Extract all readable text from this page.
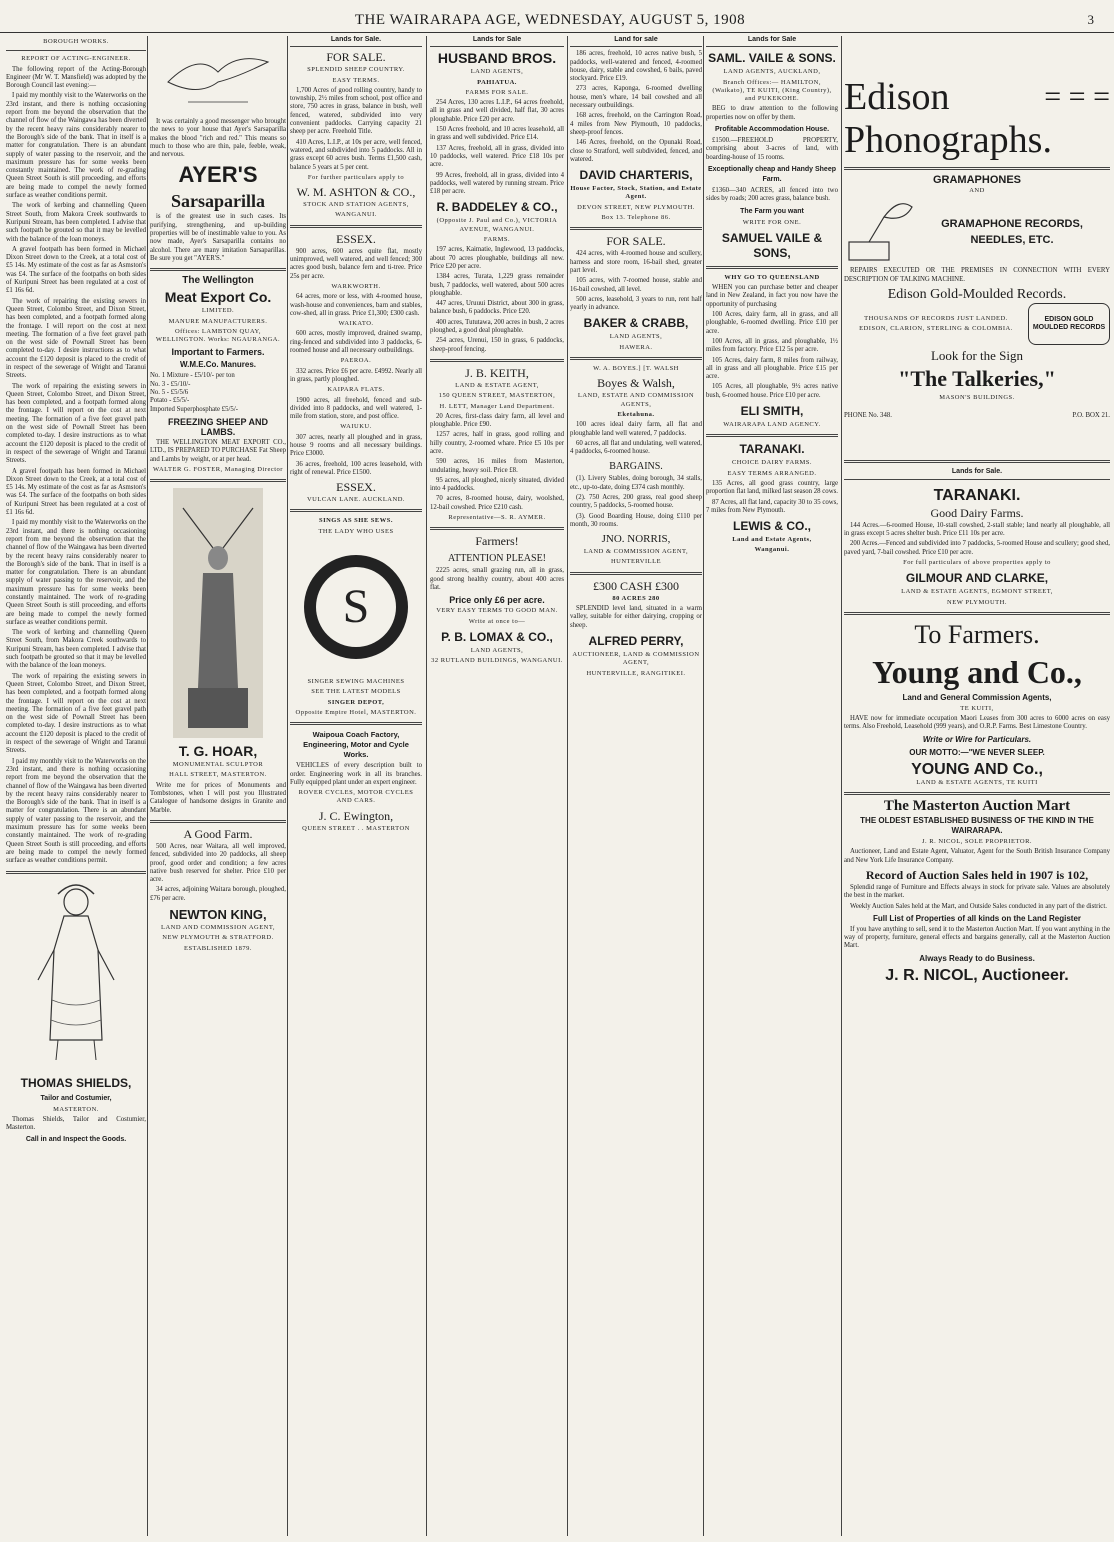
THE WAIRARAPA AGE, WEDNESDAY, AUGUST 5, 1908	3
BOROUGH WORKS.
REPORT OF ACTING-ENGINEER.

The following report of the Acting-Borough Engineer (Mr W. T. Mansfield) was adopted by the Borough Council last evening:—

I paid my monthly visit to the Waterworks on the 23rd instant, and there is nothing occasioning report from me beyond the observation that the channel of flow of the Waingawa has been diverted by the recent heavy rains considerably nearer to the Borough's side of the bank. That in itself is a matter for congratulation. There is an abundant supply of water passing to the reservoir, and the maximum pressure has for some weeks been constantly maintained. The work of re-grading Queen Street South is still proceeding, and efforts are being made to compel the newly formed surface as weather conditions permit.

The work of kerbing and channelling Queen Street South, from Makora Creek southwards to Kuripuni Stream, has been completed. I advise that such footpath be grouted so that it may be levelled with the balance of the loan moneys.

A gravel footpath has been formed in Michael Dixon Street down to the Creek, at a total cost of £5 14s. My estimate of the cost as far as Asmston's was £4. The surface of the footpaths on both sides of Kuripuni Street has been regulated at a cost of £1 16s 6d.

The work of repairing the existing sewers in Queen Street, Colombo Street, and Dixon Street, has been completed, and a footpath formed along the frontage. I will report on the cost at next meeting. The formation of a five feet gravel path on the west side of Pownall Street has been completed to-day. I desire instructions as to what account the £120 deposit is placed to the credit of in respect of the sewerage of Wright and Taranui Streets.

The work of repairing the existing sewers in Queen Street, Colombo Street, and Dixon Street, has been completed, and a footpath formed along the frontage. I will report on the cost at next meeting. The formation of a five feet gravel path on the west side of Pownall Street has been completed to-day. I desire instructions as to what account the £120 deposit is placed to the credit of in respect of the sewerage of Wright and Taranui Streets.

A gravel footpath has been formed in Michael Dixon Street down to the Creek, at a total cost of £5 14s. My estimate of the cost as far as Asmston's was £4. The surface of the footpaths on both sides of Kuripuni Street has been regulated at a cost of £1 16s 6d.

I paid my monthly visit to the Waterworks on the 23rd instant, and there is nothing occasioning report from me beyond the observation that the channel of flow of the Waingawa has been diverted by the recent heavy rains considerably nearer to the Borough's side of the bank. That in itself is a matter for congratulation. There is an abundant supply of water passing to the reservoir, and the maximum pressure has for some weeks been constantly maintained. The work of re-grading Queen Street South is still proceeding, and efforts are being made to compel the newly formed surface as weather conditions permit.

The work of kerbing and channelling Queen Street South, from Makora Creek southwards to Kuripuni Stream, has been completed. I advise that such footpath be grouted so that it may be levelled with the balance of the loan moneys.

The work of repairing the existing sewers in Queen Street, Colombo Street, and Dixon Street, has been completed, and a footpath formed along the frontage. I will report on the cost at next meeting. The formation of a five feet gravel path on the west side of Pownall Street has been completed to-day. I desire instructions as to what account the £120 deposit is placed to the credit of in respect of the sewerage of Wright and Taranui Streets.

I paid my monthly visit to the Waterworks on the 23rd instant, and there is nothing occasioning report from me beyond the observation that the channel of flow of the Waingawa has been diverted by the recent heavy rains considerably nearer to the Borough's side of the bank. That in itself is a matter for congratulation. There is an abundant supply of water passing to the reservoir, and the maximum pressure has for some weeks been constantly maintained. The work of re-grading Queen Street South is still proceeding, and efforts are being made to compel the newly formed surface as weather conditions permit.

THOMAS SHIELDS,
Tailor and Costumier,
MASTERTON.

Thomas Shields, Tailor and Costumier, Masterton.

Call in and Inspect the Goods.

It was certainly a good messenger who brought the news to your house that Ayer's Sarsaparilla makes the blood "rich and red." This means so much to those who are thin, pale, feeble, weak, and nervous.

AYER'S
Sarsaparilla

is of the greatest use in such cases. Its purifying, strengthening, and up-building properties will be of inestimable value to you. As now made, Ayer's Sarsaparilla contains no alcohol. There are many imitation Sarsaparillas. Be sure you get "AYER'S."

The Wellington
Meat Export Co.
LIMITED.
MANURE MANUFACTURERS.
Offices: LAMBTON QUAY, WELLINGTON. Works: NGAURANGA.
Important to Farmers.
W.M.E.Co. Manures.
No. 1 Mixture - £5/10/- per ton
No. 3 - £5/10/-
No. 5 - £5/5/6
Potato - £5/5/-
Imported Superphosphate £5/5/-
FREEZING SHEEP AND LAMBS.

THE WELLINGTON MEAT EXPORT CO., LTD., IS PREPARED TO PURCHASE Fat Sheep and Lambs by weight, or at per head.

WALTER G. FOSTER, Managing Director
T. G. HOAR,
MONUMENTAL SCULPTOR
HALL STREET, MASTERTON.

Write me for prices of Monuments and Tombstones, when I will post you Illustrated Catalogue of handsome designs in Granite and Marble.

A Good Farm.

500 Acres, near Waitara, all well improved, fenced, subdivided into 20 paddocks, all sheep proof, good order and condition; a few acres native bush reserved for shelter. Price £10 per acre.

34 acres, adjoining Waitara borough, ploughed, £76 per acre.

NEWTON KING,
LAND AND COMMISSION AGENT,
NEW PLYMOUTH & STRATFORD.
ESTABLISHED 1879.
Lands for Sale.
FOR SALE.
SPLENDID SHEEP COUNTRY.
EASY TERMS.

1,700 Acres of good rolling country, handy to township, 2½ miles from school, post office and store, 750 acres in grass, balance in bush, well fenced, watered, subdivided into very convenient paddocks. Carrying capacity 21 sheep per acre. Freehold Title.

410 Acres, L.I.P., at 10s per acre, well fenced, watered, and subdivided into 5 paddocks. All in grass except 60 acres bush. Terms £1,500 cash, balance 5 years at 5 per cent.

For further particulars apply to
W. M. ASHTON & CO.,
STOCK AND STATION AGENTS,
WANGANUI.
ESSEX.

900 acres, 600 acres quite flat, mostly unimproved, well watered, and well fenced; 300 acres good bush, balance fern and ti-tree. Price 25s per acre.

WARKWORTH.

64 acres, more or less, with 4-roomed house, wash-house and conveniences, barn and stables, cow-shed, all in grass. Price £1,300; £300 cash.

WAIKATO.

600 acres, mostly improved, drained swamp, ring-fenced and subdivided into 3 paddocks, 6-roomed house and all necessary outbuildings.

PAEROA.

332 acres. Price £6 per acre. £4992. Nearly all in grass, partly ploughed.

KAIPARA FLATS.

1900 acres, all freehold, fenced and sub-divided into 8 paddocks, and well watered, 1-mile from station, store, and post office.

WAIUKU.

307 acres, nearly all ploughed and in grass, house 9 rooms and all necessary buildings. Price £3000.

36 acres, freehold, 100 acres leasehold, with right of renewal. Price £1500.

ESSEX.
VULCAN LANE. AUCKLAND.
SINGS AS SHE SEWS.
THE LADY WHO USES
S
SINGER SEWING MACHINES
SEE THE LATEST MODELS
SINGER DEPOT,
Opposite Empire Hotel, MASTERTON.
Waipoua Coach Factory, Engineering, Motor and Cycle Works.

VEHICLES of every description built to order. Engineering work in all its branches. Fully equipped plant under an expert engineer.

ROVER CYCLES, MOTOR CYCLES AND CARS.
J. C. Ewington,
QUEEN STREET . . MASTERTON
Lands for Sale
HUSBAND BROS.
LAND AGENTS,
PAHIATUA.
FARMS FOR SALE.

254 Acres, 130 acres L.I.P., 64 acres freehold, all in grass and well divided, half flat, 30 acres ploughable. Price £20 per acre.

150 Acres freehold, and 10 acres leasehold, all in grass and well subdivided. Price £14.

137 Acres, freehold, all in grass, divided into 10 paddocks, well watered. Price £18 10s per acre.

99 Acres, freehold, all in grass, divided into 4 paddocks, well watered by running stream. Price £18 per acre.

R. BADDELEY & CO.,
(Opposite J. Paul and Co.), VICTORIA AVENUE, WANGANUI.
FARMS.

197 acres, Kaimatie, Inglewood, 13 paddocks, about 70 acres ploughable, buildings all new. Price £20 per acre.

1384 acres, Turata, 1,229 grass remainder bush, 7 paddocks, well watered, about 500 acres ploughable.

447 acres, Uruuui District, about 300 in grass, balance bush, 6 paddocks. Price £20.

400 acres, Tututawa, 200 acres in bush, 2 acres ploughed, a good deal ploughable.

254 acres, Urenui, 150 in grass, 6 paddocks, sheep-proof fencing.

J. B. KEITH,
LAND & ESTATE AGENT,
150 QUEEN STREET, MASTERTON,
H. LETT, Manager Land Department.

20 Acres, first-class dairy farm, all level and ploughable. Price £90.

1257 acres, half in grass, good rolling and hilly country, 2-roomed whare. Price £5 10s per acre.

590 acres, 16 miles from Masterton, undulating, heavy soil. Price £8.

95 acres, all ploughed, nicely situated, divided into 4 paddocks.

70 acres, 8-roomed house, dairy, woolshed, 12-bail cowshed. Price £210 cash.

Representative—S. R. AYMER.
Farmers!
ATTENTION PLEASE!

2225 acres, small grazing run, all in grass, good strong healthy country, about 400 acres flat.

Price only £6 per acre.
VERY EASY TERMS TO GOOD MAN.
Write at once to—
P. B. LOMAX & CO.,
LAND AGENTS,
32 RUTLAND BUILDINGS, WANGANUI.
Land for sale

186 acres, freehold, 10 acres native bush, 5 paddocks, well-watered and fenced, 4-roomed house, dairy, stable and cowshed, 6 bails, paved stockyard. Price £19.

273 acres, Kaponga, 6-roomed dwelling house, men's whare, 14 bail cowshed and all necessary outbuildings.

168 acres, freehold, on the Carrington Road, 4 miles from New Plymouth, 10 paddocks, sheep-proof fences.

146 Acres, freehold, on the Opunaki Road, close to Stratford, well subdivided, fenced, and watered.

DAVID CHARTERIS,
House Factor, Stock, Station, and Estate Agent.
DEVON STREET, NEW PLYMOUTH.
Box 13. Telephone 86.
FOR SALE.

424 acres, with 4-roomed house and scullery, harness and store room, 16-bail shed, greater part level.

105 acres, with 7-roomed house, stable and 16-bail cowshed, all level.

500 acres, leasehold, 3 years to run, rent half yearly in advance.

BAKER & CRABB,
LAND AGENTS,
HAWERA.
W. A. BOYES.] [T. WALSH
Boyes & Walsh,
LAND, ESTATE AND COMMISSION AGENTS,
Eketahuna.

100 acres ideal dairy farm, all flat and ploughable land well watered, 7 paddocks.

60 acres, all flat and undulating, well watered, 4 paddocks, 6-roomed house.

BARGAINS.

(1). Livery Stables, doing borough, 34 stalls, etc., up-to-date, doing £374 cash monthly.

(2). 750 Acres, 200 grass, real good sheep country, 5 paddocks, 5-roomed house.

(3). Good Boarding House, doing £110 per month, 30 rooms.

JNO. NORRIS,
LAND & COMMISSION AGENT,
HUNTERVILLE
£300 CASH £300
80 ACRES 280

SPLENDID level land, situated in a warm valley, suitable for either dairying, cropping or sheep.

ALFRED PERRY,
AUCTIONEER, LAND & COMMISSION AGENT,
HUNTERVILLE, RANGITIKEI.
Lands for Sale
SAML. VAILE & SONS.
LAND AGENTS, AUCKLAND,
Branch Offices:— HAMILTON, (Waikato), TE KUITI, (King Country), and PUKEKOHE.

BEG to draw attention to the following properties now on offer by them.

Profitable Accommodation House.

£1500.—FREEHOLD PROPERTY, comprising about 3-acres of land, with boarding-house of 15 rooms.

Exceptionally cheap and Handy Sheep Farm.

£1360—340 ACRES, all fenced into two sides by roads; 200 acres grass, balance bush.

The Farm you want
WRITE FOR ONE.
SAMUEL VAILE & SONS,
WHY GO TO QUEENSLAND

WHEN you can purchase better and cheaper land in New Zealand, in fact you now have the opportunity of purchasing

100 Acres, dairy farm, all in grass, and all ploughable, 6-roomed dwelling. Price £10 per acre.

100 Acres, all in grass, and ploughable, 1½ miles from factory. Price £12 5s per acre.

105 Acres, dairy farm, 8 miles from railway, all in grass and all ploughable. Price £15 per acre.

105 Acres, all ploughable, 9½ acres native bush, 6-roomed house. Price £10 per acre.

ELI SMITH,
WAIRARAPA LAND AGENCY.
TARANAKI.
CHOICE DAIRY FARMS.
EASY TERMS ARRANGED.

135 Acres, all good grass country, large proportion flat land, milked last season 28 cows.

87 Acres, all flat land, capacity 30 to 35 cows, 7 miles from New Plymouth.

LEWIS & CO.,
Land and Estate Agents,
Wanganui.
Edison	= = =
Phonographs.
GRAMAPHONES
AND
GRAMAPHONE RECORDS,
NEEDLES, ETC.

REPAIRS EXECUTED OR THE PREMISES IN CONNECTION WITH EVERY DESCRIPTION OF TALKING MACHINE.

Edison Gold-Moulded Records.
THOUSANDS OF RECORDS JUST LANDED.
EDISON, CLARION, STERLING & COLOMBIA.
EDISON GOLD MOULDED RECORDS
Look for the Sign
"The Talkeries,"
MASON'S BUILDINGS.
PHONE No. 348.	P.O. BOX 21.
Lands for Sale.
TARANAKI.
Good Dairy Farms.

144 Acres.—6-roomed House, 10-stall cowshed, 2-stall stable; land nearly all ploughable, all in grass except 5 acres shelter bush. Price £11 10s per acre.

200 Acres.—Fenced and subdivided into 7 paddocks, 5-roomed House and scullery; good shed, paved yard, 7-bail cowshed. Price £10 per acre.

For full particulars of above properties apply to
GILMOUR AND CLARKE,
LAND & ESTATE AGENTS, EGMONT STREET,
NEW PLYMOUTH.
To Farmers.
Young and Co.,
Land and General Commission Agents,
TE KUITI,

HAVE now for immediate occupation Maori Leases from 300 acres to 6000 acres on easy terms. Also Freehold, Leasehold (999 years), and O.R.P. Farms. Best Limestone Country.

Write or Wire for Particulars.
OUR MOTTO:—"WE NEVER SLEEP.
YOUNG AND Co.,
LAND & ESTATE AGENTS, TE KUITI
The Masterton Auction Mart
THE OLDEST ESTABLISHED BUSINESS OF THE KIND IN THE WAIRARAPA.
J. R. NICOL, SOLE PROPRIETOR.

Auctioneer, Land and Estate Agent, Valuator, Agent for the South British Insurance Company and New York Life Insurance Company.

Record of Auction Sales held in 1907 is 102,

Splendid range of Furniture and Effects always in stock for private sale. Values are absolutely the best in the market.

Weekly Auction Sales held at the Mart, and Outside Sales conducted in any part of the district.

Full List of Properties of all kinds on the Land Register

If you have anything to sell, send it to the Masterton Auction Mart. If you want anything in the way of property, furniture, general effects and bargains generally, call at the Masterton Auction Mart.

Always Ready to do Business.
J. R. NICOL, Auctioneer.
